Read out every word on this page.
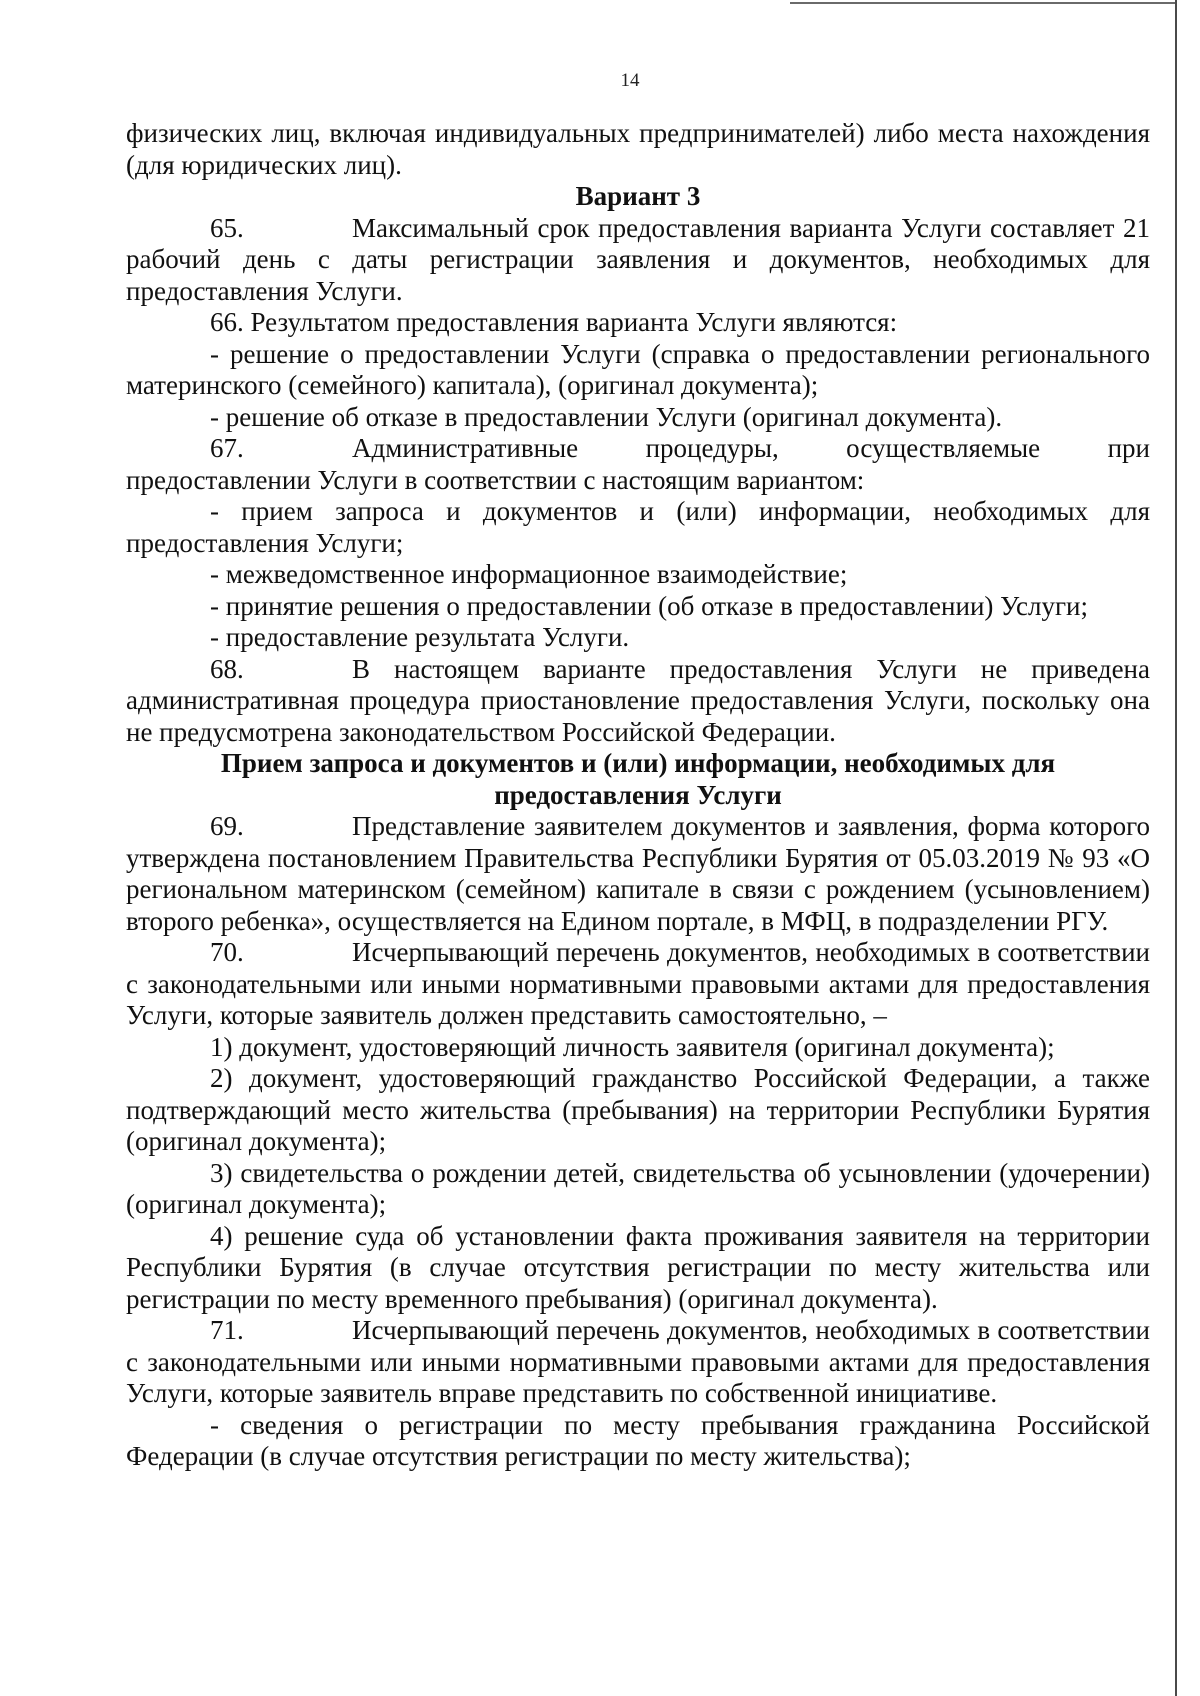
14

физических лиц, включая индивидуальных предпринимателей) либо места нахождения (для юридических лиц).

Вариант 3

65.	Максимальный срок предоставления варианта Услуги составляет 21 рабочий день с даты регистрации заявления и документов, необходимых для предоставления Услуги.

66. Результатом предоставления варианта Услуги являются:

- решение о предоставлении Услуги (справка о предоставлении регионального материнского (семейного) капитала), (оригинал документа);

- решение об отказе в предоставлении Услуги (оригинал документа).

67.	Административные процедуры, осуществляемые при предоставлении Услуги в соответствии с настоящим вариантом:

- прием запроса и документов и (или) информации, необходимых для предоставления Услуги;

- межведомственное информационное взаимодействие;

- принятие решения о предоставлении (об отказе в предоставлении) Услуги;

- предоставление результата Услуги.

68.	В настоящем варианте предоставления Услуги не приведена административная процедура приостановление предоставления Услуги, поскольку она не предусмотрена законодательством Российской Федерации.

Прием запроса и документов и (или) информации, необходимых для предоставления Услуги

69.	Представление заявителем документов и заявления, форма которого утверждена постановлением Правительства Республики Бурятия от 05.03.2019 № 93 «О региональном материнском (семейном) капитале в связи с рождением (усыновлением) второго ребенка», осуществляется на Едином портале, в МФЦ, в подразделении РГУ.

70.	Исчерпывающий перечень документов, необходимых в соответствии с законодательными или иными нормативными правовыми актами для предоставления Услуги, которые заявитель должен представить самостоятельно, –

1) документ, удостоверяющий личность заявителя (оригинал документа);

2) документ, удостоверяющий гражданство Российской Федерации, а также подтверждающий место жительства (пребывания) на территории Республики Бурятия (оригинал документа);

3) свидетельства о рождении детей, свидетельства об усыновлении (удочерении) (оригинал документа);

4) решение суда об установлении факта проживания заявителя на территории Республики Бурятия (в случае отсутствия регистрации по месту жительства или регистрации по месту временного пребывания) (оригинал документа).

71.	Исчерпывающий перечень документов, необходимых в соответствии с законодательными или иными нормативными правовыми актами для предоставления Услуги, которые заявитель вправе представить по собственной инициативе.

- сведения о регистрации по месту пребывания гражданина Российской Федерации (в случае отсутствия регистрации по месту жительства);
